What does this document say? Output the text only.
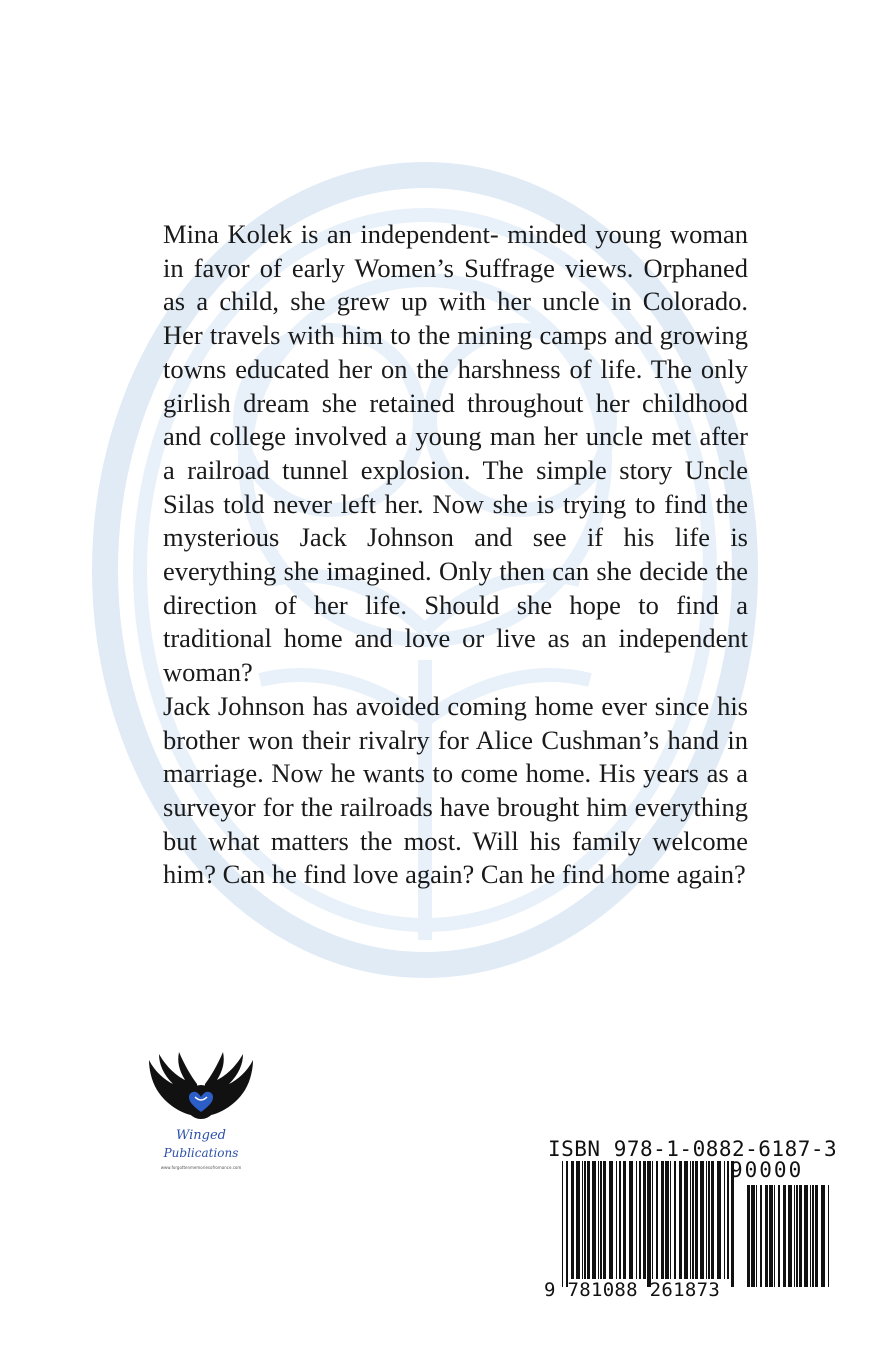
Mina Kolek is an independent- minded young woman in favor of early Women’s Suffrage views. Orphaned as a child, she grew up with her uncle in Colorado. Her travels with him to the mining camps and growing towns educated her on the harshness of life. The only girlish dream she retained throughout her childhood and college involved a young man her uncle met after a railroad tunnel explosion. The simple story Uncle Silas told never left her. Now she is trying to find the mysterious Jack Johnson and see if his life is everything she imagined. Only then can she decide the direction of her life. Should she hope to find a traditional home and love or live as an independent woman?

Jack Johnson has avoided coming home ever since his brother won their rivalry for Alice Cushman’s hand in marriage. Now he wants to come home. His years as a surveyor for the railroads have brought him everything but what matters the most. Will his family welcome him? Can he find love again? Can he find home again?

Winged
Publications
www.forgottenmemoriesofromance.com
ISBN 978-1-0882-6187-3
90000
9 781088 261873
